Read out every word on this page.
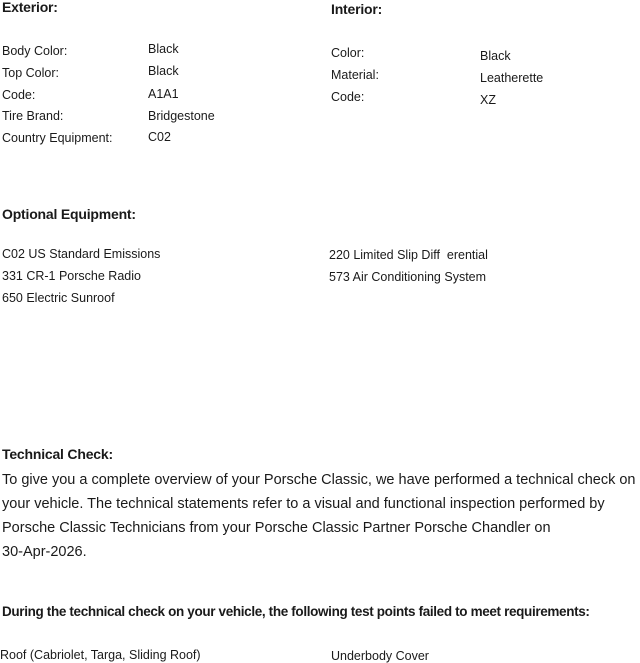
Exterior:
Body Color:	Black
Top Color:	Black
Code:	A1A1
Tire Brand:	Bridgestone
Country Equipment:	C02
Interior:
Color:	Black
Material:	Leatherette
Code:	XZ
Optional Equipment:
C02 US Standard Emissions
331 CR-1 Porsche Radio
650 Electric Sunroof
220 Limited Slip Diff  erential
573 Air Conditioning System
Technical Check:
To give you a complete overview of your Porsche Classic, we have performed a technical check on
your vehicle. The technical statements refer to a visual and functional inspection performed by
Porsche Classic Technicians from your Porsche Classic Partner Porsche Chandler on
30-Apr-2026.
During the technical check on your vehicle, the following test points failed to meet requirements:
Roof (Cabriolet, Targa, Sliding Roof)	Underbody Cover
